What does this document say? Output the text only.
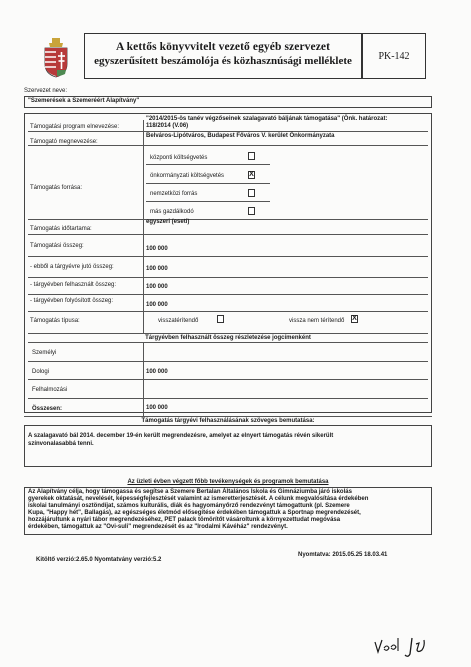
A kettős könyvvitelt vezető egyéb szervezet
egyszerűsített beszámolója és közhasznúsági melléklete	PK-142
Szervezet neve:
"Szemerések a Szemeréért Alapítvány"
Támogatási program elnevezése:
"2014/2015-ös tanév végzőseinek szalagavató báljának támogatása" (Önk. határozat:
118/2014 (V.06)
Támogató megnevezése:
Belváros-Lipótváros, Budapest Főváros V. kerület Önkormányzata
Támogatás forrása:
központi költségvetés
önkormányzati költségvetés	X
nemzetközi forrás
más gazdálkodó
Támogatás időtartama:
egyszeri (eseti)
Támogatási összeg:	100 000
- ebből a tárgyévre jutó összeg:	100 000
- tárgyévben felhasznált összeg:	100 000
- tárgyévben folyósított összeg:
100 000
Támogatás típusa:	visszatérítendő	vissza nem térítendő X
Tárgyévben felhasznált összeg részletezése jogcímenként
Személyi
Dologi	100 000
Felhalmozási
Összesen:	100 000
Támogatás tárgyévi felhasználásának szöveges bemutatása:
A szalagavató bál 2014. december 19-én került megrendezésre, amelyet az elnyert támogatás révén sikerült
színvonalasabbá tenni.
Az üzleti évben végzett főbb tevékenységek és programok bemutatása
Az Alapítvány célja, hogy támogassa és segítse a Szemere Bertalan Általános Iskola és Gimnáziumba járó iskolás
gyerekek oktatását, nevelését, képességfejlesztését valamint az ismeretterjesztését. A célunk megvalósítása érdekében
iskolai tanulmányi osztöndíjat, számos kulturális, diák és hagyományőrző rendezvényt támogattunk (pl. Szemere
Kupa, "Happy hét", Ballagás), az egészséges életmód elősegítése érdekében támogattuk a Sportnap megrendezését,
hozzájárultunk a nyári tábor megrendezéséhez, PET palack tömörítőt vásároltunk a környezettudat megóvása
érdekében, támogattuk az "Ovi-suli" megrendezését és az "Irodalmi Kávéház" rendezvényt.
Kitöltő verzió:2.65.0 Nyomtatvány verzió:5.2
Nyomtatva: 2015.05.25 18.03.41
